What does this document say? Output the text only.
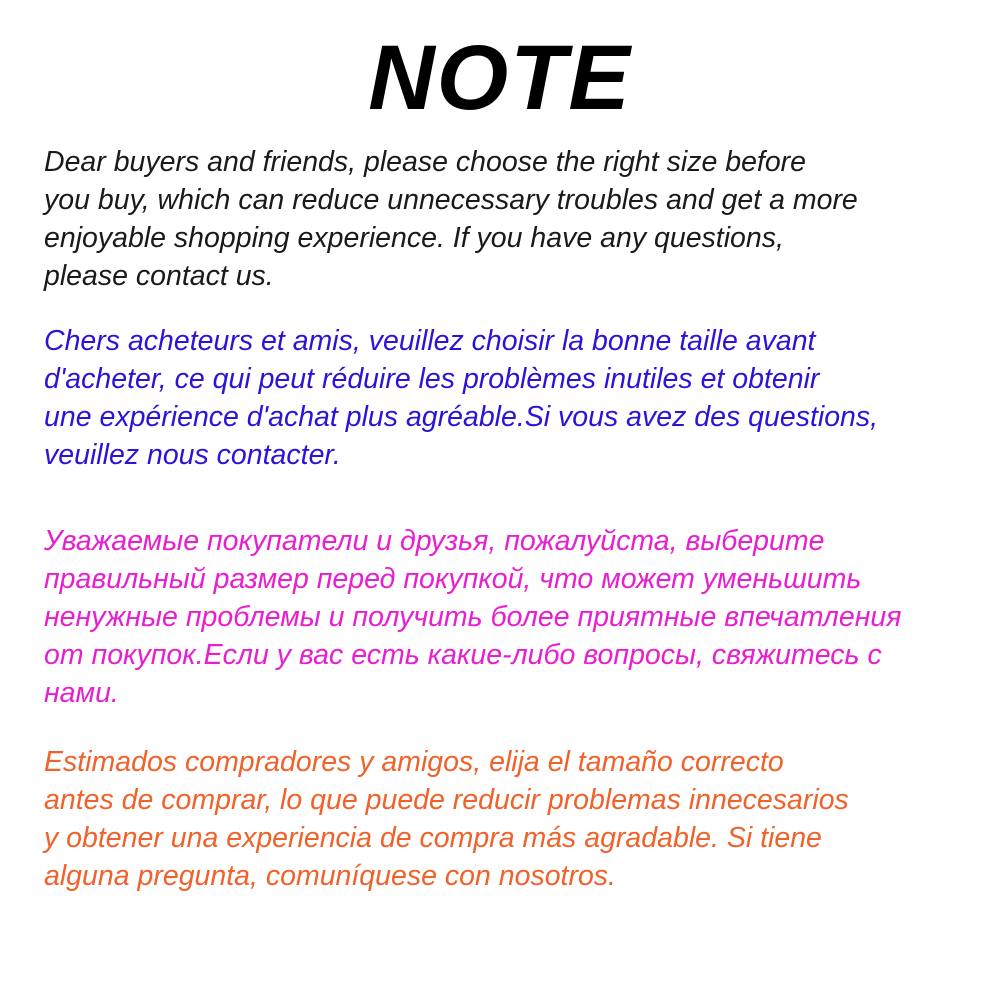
NOTE

Dear buyers and friends, please choose the right size before
you buy, which can reduce unnecessary troubles and get a more
enjoyable shopping experience. If you have any questions,
please contact us.

Chers acheteurs et amis, veuillez choisir la bonne taille avant
d'acheter, ce qui peut réduire les problèmes inutiles et obtenir
une expérience d'achat plus agréable.Si vous avez des questions,
veuillez nous contacter.

Уважаемые покупатели и друзья, пожалуйста, выберите
правильный размер перед покупкой, что может уменьшить
ненужные проблемы и получить более приятные впечатления
от покупок.Если у вас есть какие-либо вопросы, свяжитесь с
нами.

Estimados compradores y amigos, elija el tamaño correcto
antes de comprar, lo que puede reducir problemas innecesarios
y obtener una experiencia de compra más agradable. Si tiene
alguna pregunta, comuníquese con nosotros.
